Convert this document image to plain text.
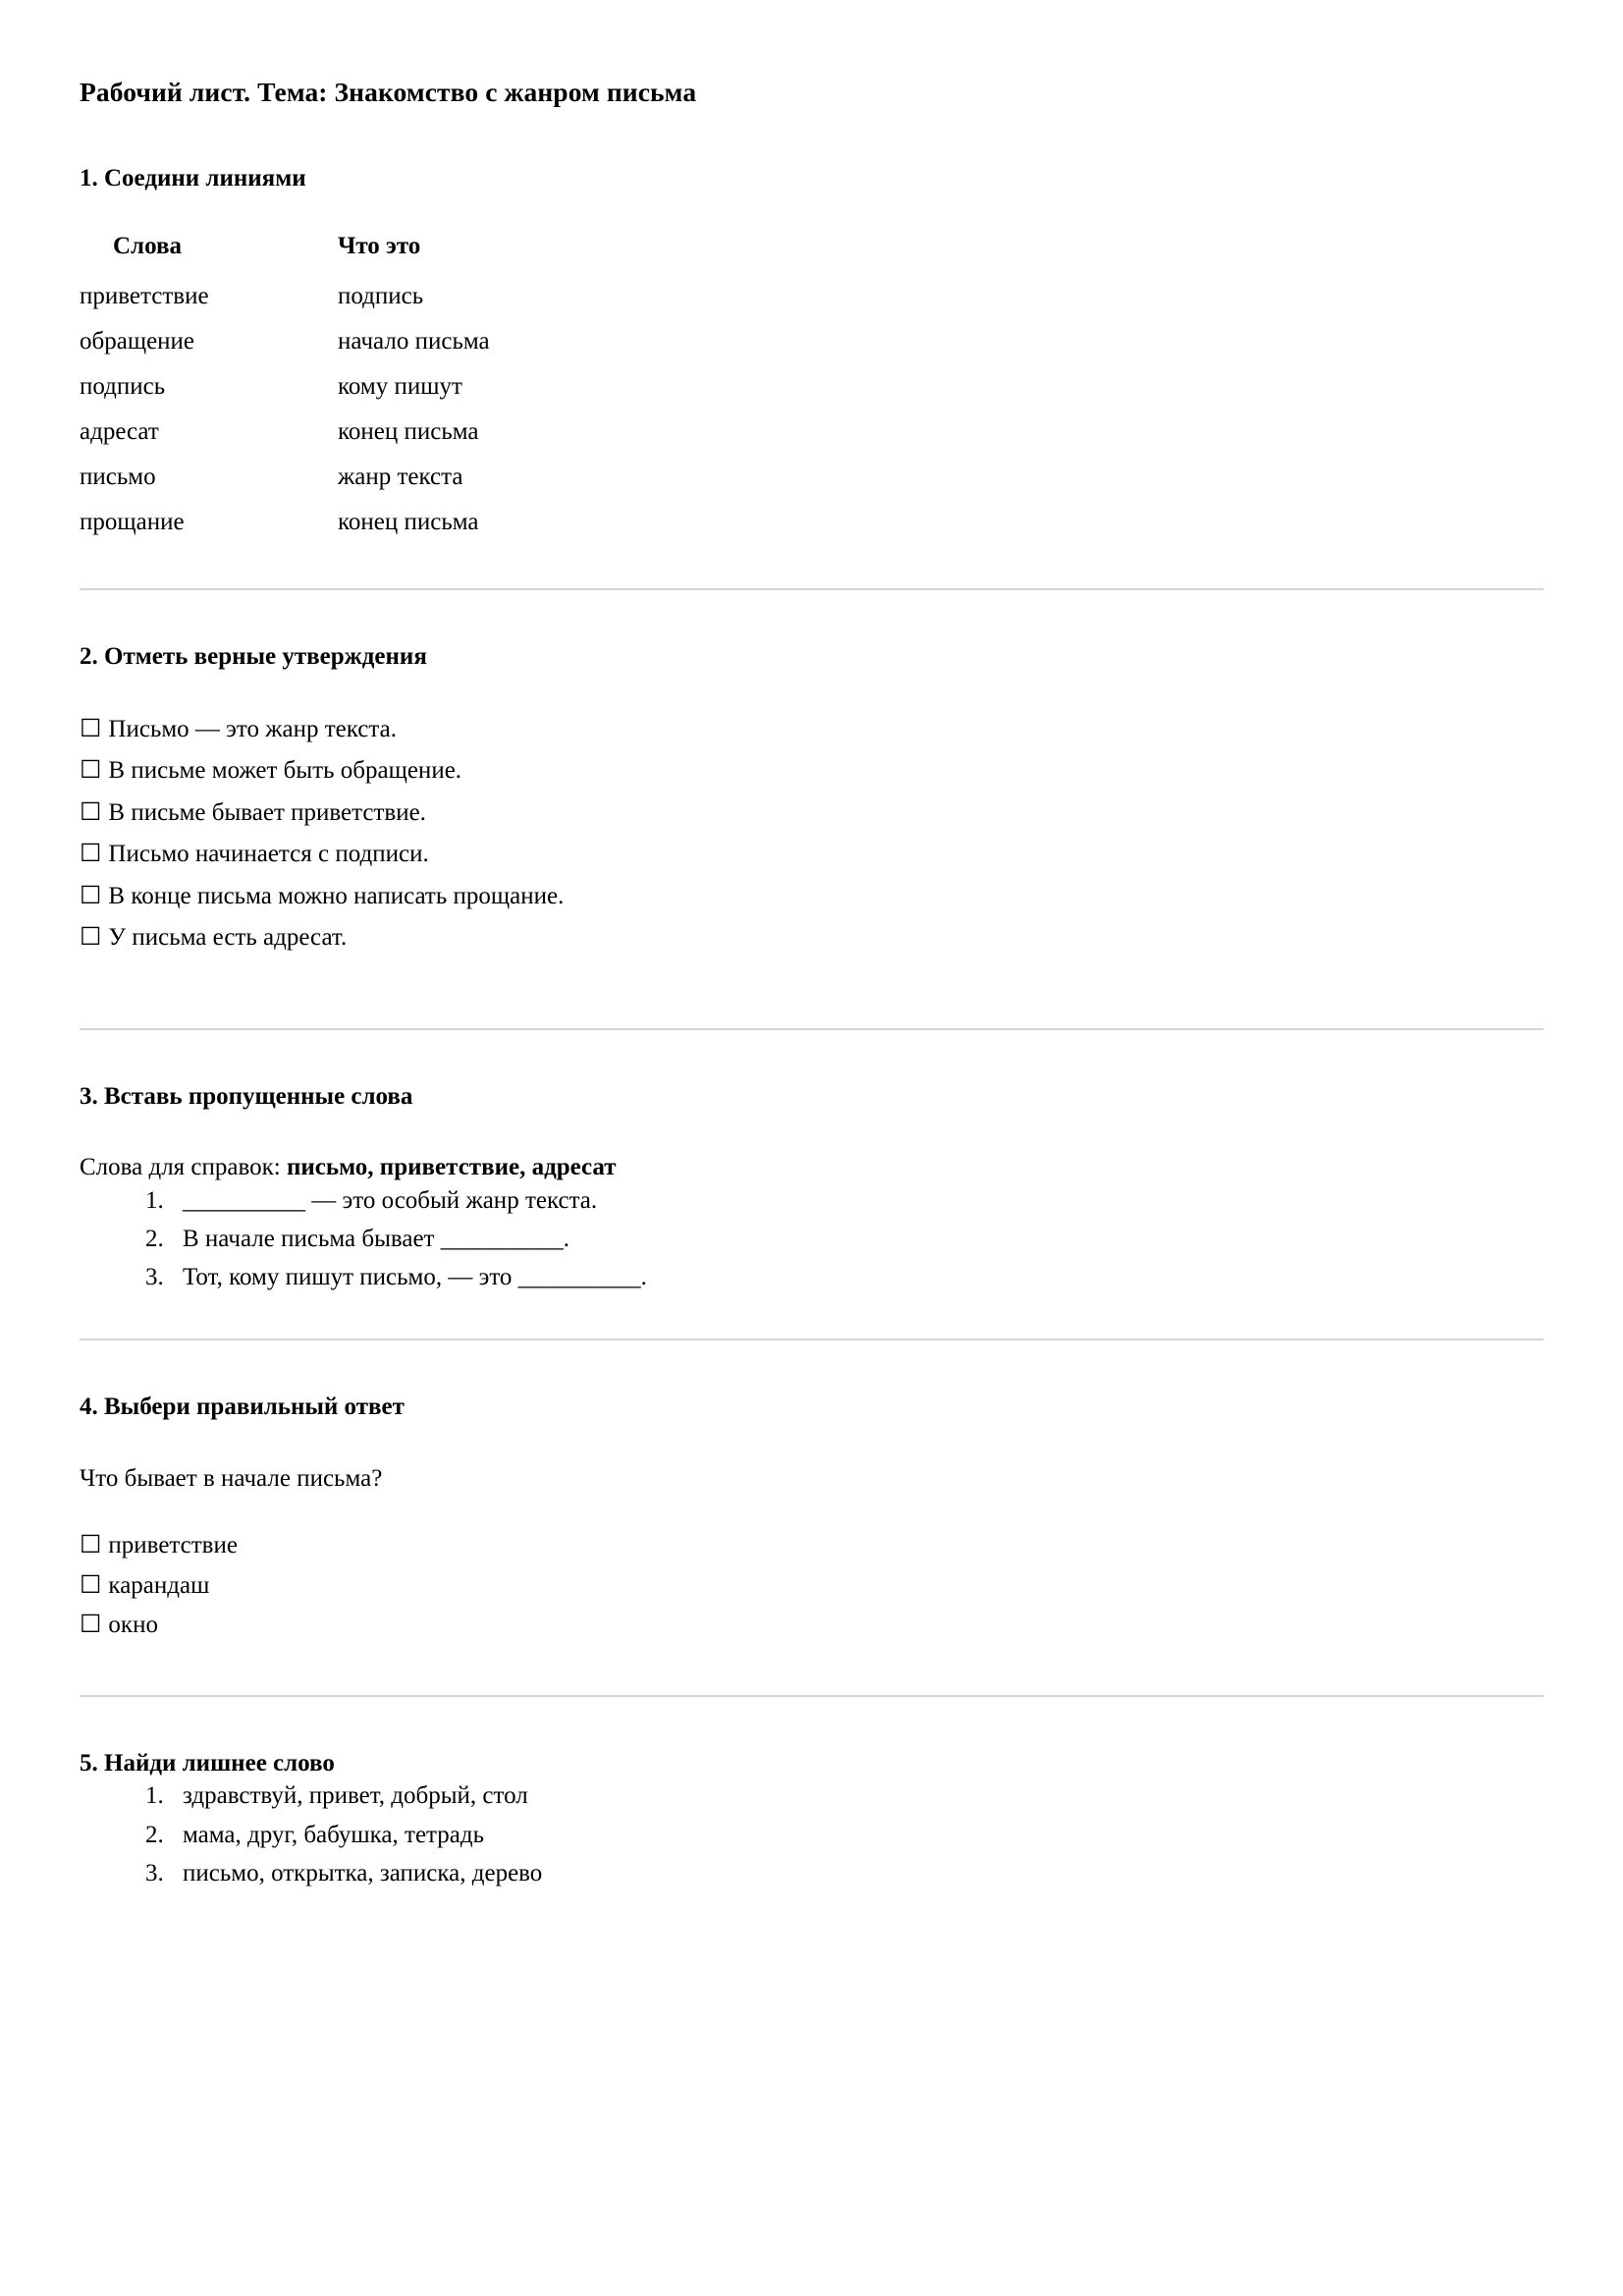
Рабочий лист. Тема: Знакомство с жанром письма
1. Соедини линиями
Слова	Что это
приветствие	подпись
обращение	начало письма
подпись	кому пишут
адресат	конец письма
письмо	жанр текста
прощание	конец письма
2. Отметь верные утверждения
☐ Письмо — это жанр текста.
☐ В письме может быть обращение.
☐ В письме бывает приветствие.
☐ Письмо начинается с подписи.
☐ В конце письма можно написать прощание.
☐ У письма есть адресат.
3. Вставь пропущенные слова

Слова для справок: письмо, приветствие, адресат

1. __________ — это особый жанр текста.
2. В начале письма бывает __________.
3. Тот, кому пишут письмо, — это __________.
4. Выбери правильный ответ

Что бывает в начале письма?

☐ приветствие
☐ карандаш
☐ окно
5. Найди лишнее слово
1. здравствуй, привет, добрый, стол
2. мама, друг, бабушка, тетрадь
3. письмо, открытка, записка, дерево
